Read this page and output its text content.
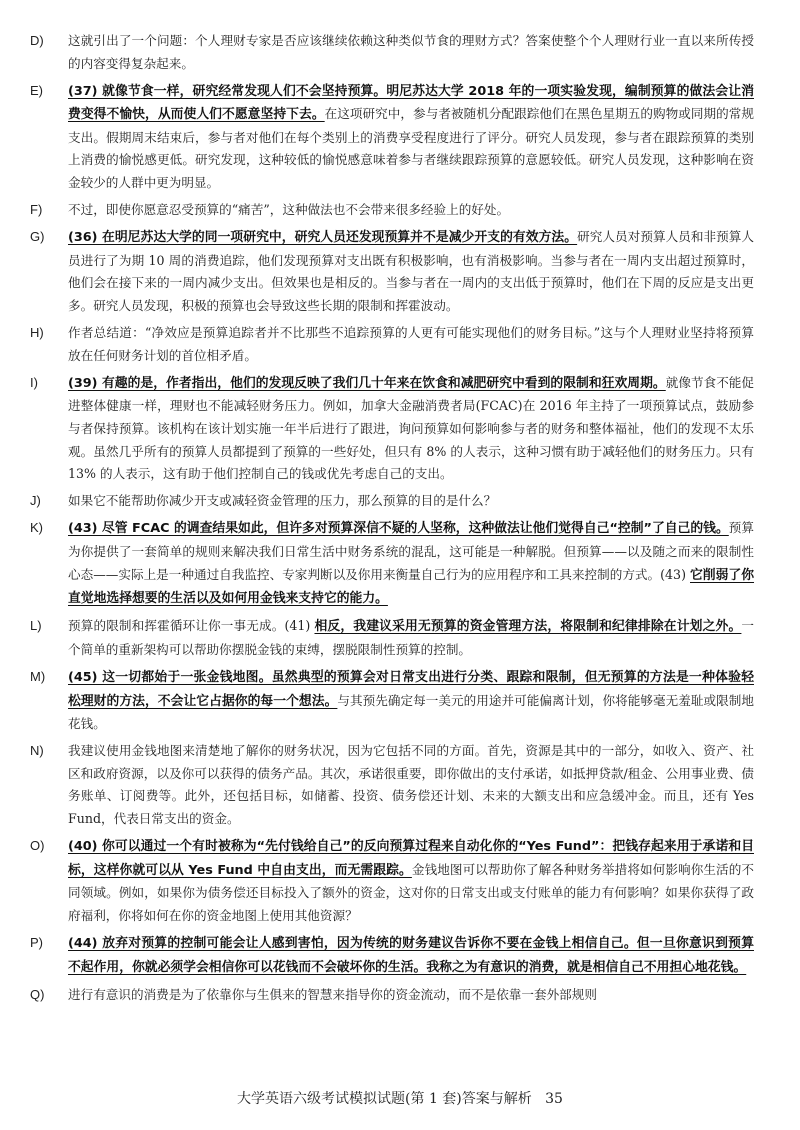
D)	这就引出了一个问题：个人理财专家是否应该继续依赖这种类似节食的理财方式？答案使整个个人理财行业一直以来所传授的内容变得复杂起来。
E)	(37) 就像节食一样，研究经常发现人们不会坚持预算。明尼苏达大学 2018 年的一项实验发现，编制预算的做法会让消费变得不愉快，从而使人们不愿意坚持下去。在这项研究中，参与者被随机分配跟踪他们在黑色星期五的购物或同期的常规支出。假期周末结束后，参与者对他们在每个类别上的消费享受程度进行了评分。研究人员发现，参与者在跟踪预算的类别上消费的愉悦感更低。研究发现，这种较低的愉悦感意味着参与者继续跟踪预算的意愿较低。研究人员发现，这种影响在资金较少的人群中更为明显。
F)	不过，即使你愿意忍受预算的“痛苦”，这种做法也不会带来很多经验上的好处。
G)	(36) 在明尼苏达大学的同一项研究中，研究人员还发现预算并不是减少开支的有效方法。研究人员对预算人员和非预算人员进行了为期 10 周的消费追踪，他们发现预算对支出既有积极影响，也有消极影响。当参与者在一周内支出超过预算时，他们会在接下来的一周内减少支出。但效果也是相反的。当参与者在一周内的支出低于预算时，他们在下周的反应是支出更多。研究人员发现，积极的预算也会导致这些长期的限制和挥霍波动。
H)	作者总结道：“净效应是预算追踪者并不比那些不追踪预算的人更有可能实现他们的财务目标。”这与个人理财业坚持将预算放在任何财务计划的首位相矛盾。
I)	(39) 有趣的是，作者指出，他们的发现反映了我们几十年来在饮食和减肥研究中看到的限制和狂欢周期。就像节食不能促进整体健康一样，理财也不能减轻财务压力。例如，加拿大金融消费者局(FCAC)在 2016 年主持了一项预算试点，鼓励参与者保持预算。该机构在该计划实施一年半后进行了跟进，询问预算如何影响参与者的财务和整体福祉，他们的发现不太乐观。虽然几乎所有的预算人员都提到了预算的一些好处，但只有 8% 的人表示，这种习惯有助于减轻他们的财务压力。只有 13% 的人表示，这有助于他们控制自己的钱或优先考虑自己的支出。
J)	如果它不能帮助你减少开支或减轻资金管理的压力，那么预算的目的是什么？
K)	(43) 尽管 FCAC 的调查结果如此，但许多对预算深信不疑的人坚称，这种做法让他们觉得自己“控制”了自己的钱。预算为你提供了一套简单的规则来解决我们日常生活中财务系统的混乱，这可能是一种解脱。但预算——以及随之而来的限制性心态——实际上是一种通过自我监控、专家判断以及你用来衡量自己行为的应用程序和工具来控制的方式。(43) 它削弱了你直觉地选择想要的生活以及如何用金钱来支持它的能力。
L)	预算的限制和挥霍循环让你一事无成。(41) 相反，我建议采用无预算的资金管理方法，将限制和纪律排除在计划之外。一个简单的重新架构可以帮助你摆脱金钱的束缚，摆脱限制性预算的控制。
M)	(45) 这一切都始于一张金钱地图。虽然典型的预算会对日常支出进行分类、跟踪和限制，但无预算的方法是一种体验轻松理财的方法，不会让它占据你的每一个想法。与其预先确定每一美元的用途并可能偏离计划，你将能够毫无羞耻或限制地花钱。
N)	我建议使用金钱地图来清楚地了解你的财务状况，因为它包括不同的方面。首先，资源是其中的一部分，如收入、资产、社区和政府资源，以及你可以获得的债务产品。其次，承诺很重要，即你做出的支付承诺，如抵押贷款/租金、公用事业费、债务账单、订阅费等。此外，还包括目标，如储蓄、投资、债务偿还计划、未来的大额支出和应急缓冲金。而且，还有 Yes Fund，代表日常支出的资金。
O)	(40) 你可以通过一个有时被称为“先付钱给自己”的反向预算过程来自动化你的“Yes Fund”：把钱存起来用于承诺和目标，这样你就可以从 Yes Fund 中自由支出，而无需跟踪。金钱地图可以帮助你了解各种财务举措将如何影响你生活的不同领域。例如，如果你为债务偿还目标投入了额外的资金，这对你的日常支出或支付账单的能力有何影响？如果你获得了政府福利，你将如何在你的资金地图上使用其他资源？
P)	(44) 放弃对预算的控制可能会让人感到害怕，因为传统的财务建议告诉你不要在金钱上相信自己。但一旦你意识到预算不起作用，你就必须学会相信你可以花钱而不会破坏你的生活。我称之为有意识的消费，就是相信自己不用担心地花钱。
Q)	进行有意识的消费是为了依靠你与生俱来的智慧来指导你的资金流动，而不是依靠一套外部规则
大学英语六级考试模拟试题(第 1 套)答案与解析 35
